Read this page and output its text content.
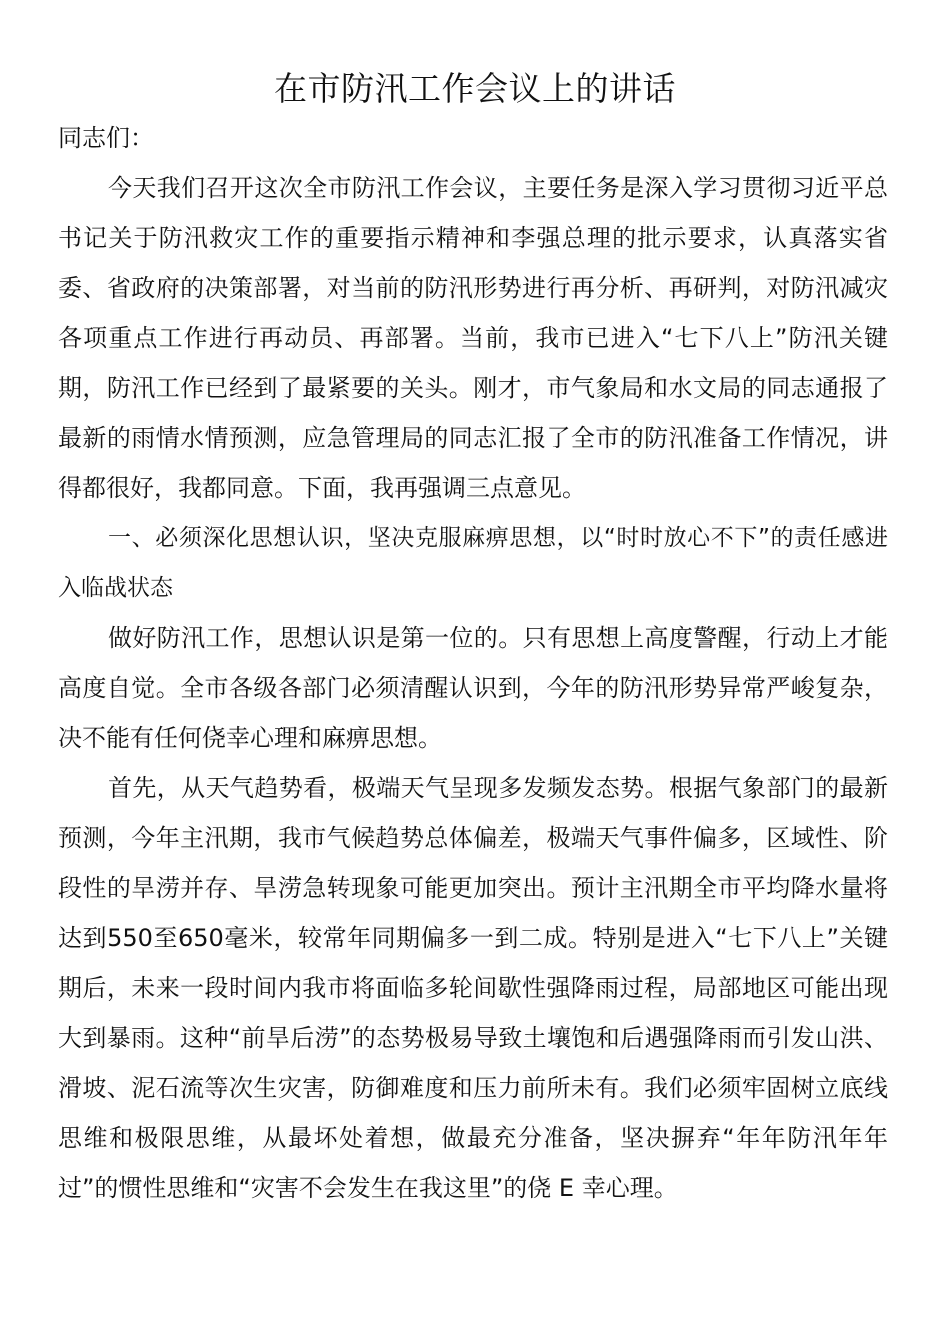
在市防汛工作会议上的讲话

同志们：

今天我们召开这次全市防汛工作会议，主要任务是深入学习贯彻习近平总书记关于防汛救灾工作的重要指示精神和李强总理的批示要求，认真落实省委、省政府的决策部署，对当前的防汛形势进行再分析、再研判，对防汛减灾各项重点工作进行再动员、再部署。当前，我市已进入“七下八上”防汛关键期，防汛工作已经到了最紧要的关头。刚才，市气象局和水文局的同志通报了最新的雨情水情预测，应急管理局的同志汇报了全市的防汛准备工作情况，讲得都很好，我都同意。下面，我再强调三点意见。

一、必须深化思想认识，坚决克服麻痹思想，以“时时放心不下”的责任感进入临战状态

做好防汛工作，思想认识是第一位的。只有思想上高度警醒，行动上才能高度自觉。全市各级各部门必须清醒认识到，今年的防汛形势异常严峻复杂，决不能有任何侥幸心理和麻痹思想。

首先，从天气趋势看，极端天气呈现多发频发态势。根据气象部门的最新预测，今年主汛期，我市气候趋势总体偏差，极端天气事件偏多，区域性、阶段性的旱涝并存、旱涝急转现象可能更加突出。预计主汛期全市平均降水量将达到550至650毫米，较常年同期偏多一到二成。特别是进入“七下八上”关键期后，未来一段时间内我市将面临多轮间歇性强降雨过程，局部地区可能出现大到暴雨。这种“前旱后涝”的态势极易导致土壤饱和后遇强降雨而引发山洪、滑坡、泥石流等次生灾害，防御难度和压力前所未有。我们必须牢固树立底线思维和极限思维，从最坏处着想，做最充分准备，坚决摒弃“年年防汛年年过”的惯性思维和“灾害不会发生在我这里”的侥 E 幸心理。
